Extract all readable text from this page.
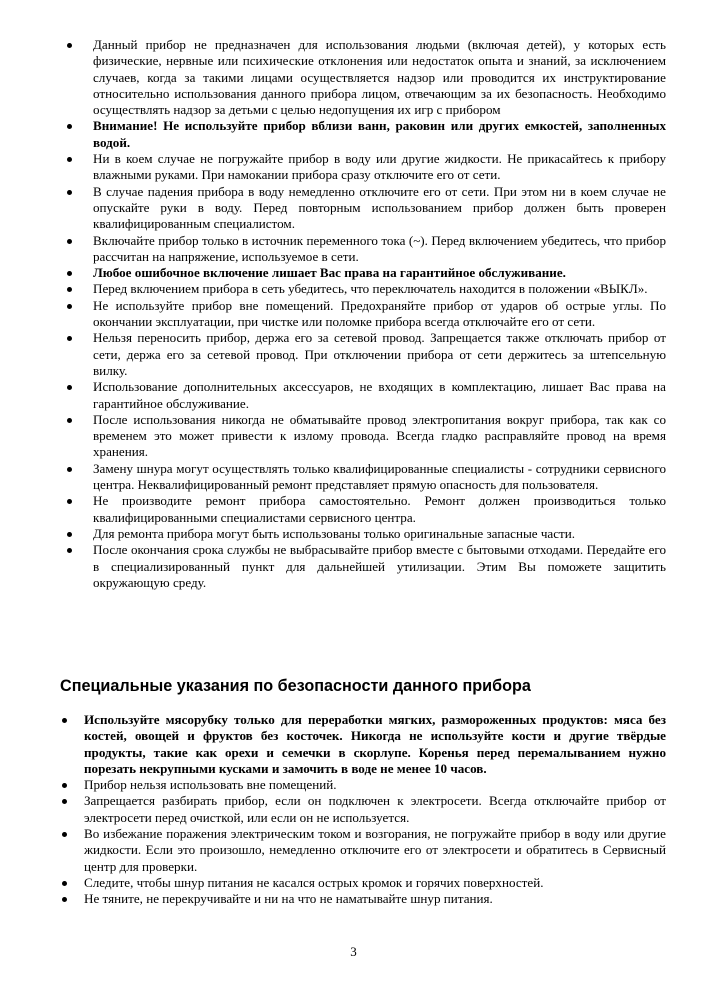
Данный прибор не предназначен для использования людьми (включая детей), у которых есть физические, нервные или психические отклонения или недостаток опыта и знаний, за исключением случаев, когда за такими лицами осуществляется надзор или проводится их инструктирование относительно использования данного прибора лицом, отвечающим за их безопасность. Необходимо осуществлять надзор за детьми с целью недопущения их игр с прибором
Внимание! Не используйте прибор вблизи ванн, раковин или других емкостей, заполненных водой.
Ни в коем случае не погружайте прибор в воду или другие жидкости. Не прикасайтесь к прибору влажными руками. При намокании прибора сразу отключите его от сети.
В случае падения прибора в воду немедленно отключите его от сети. При этом ни в коем случае не опускайте руки в воду. Перед повторным использованием прибор должен быть проверен квалифицированным специалистом.
Включайте прибор только в источник переменного тока (~). Перед включением убедитесь, что прибор рассчитан на напряжение, используемое в сети.
Любое ошибочное включение лишает Вас права на гарантийное обслуживание.
Перед включением прибора в сеть убедитесь, что переключатель находится в положении «ВЫКЛ».
Не используйте прибор вне помещений. Предохраняйте прибор от ударов об острые углы. По окончании эксплуатации, при чистке или поломке прибора всегда отключайте его от сети.
Нельзя переносить прибор, держа его за сетевой провод. Запрещается также отключать прибор от сети, держа его за сетевой провод. При отключении прибора от сети держитесь за штепсельную вилку.
Использование дополнительных аксессуаров, не входящих в комплектацию, лишает Вас права на гарантийное обслуживание.
После использования никогда не обматывайте провод электропитания вокруг прибора, так как со временем это может привести к излому провода. Всегда гладко расправляйте провод на время хранения.
Замену шнура могут осуществлять только квалифицированные специалисты - сотрудники сервисного центра. Неквалифицированный ремонт представляет прямую опасность для пользователя.
Не производите ремонт прибора самостоятельно. Ремонт должен производиться только квалифицированными специалистами сервисного центра.
Для ремонта прибора могут быть использованы только оригинальные запасные части.
После окончания срока службы не выбрасывайте прибор вместе с бытовыми отходами. Передайте его в специализированный пункт для дальнейшей утилизации. Этим Вы поможете защитить окружающую среду.
Специальные указания по безопасности данного прибора
Используйте мясорубку только для переработки мягких, размороженных продуктов: мяса без костей, овощей и фруктов без косточек. Никогда не используйте кости и другие твёрдые продукты, такие как орехи и семечки в скорлупе. Коренья перед перемалыванием нужно порезать некрупными кусками и замочить в воде не менее 10 часов.
Прибор нельзя использовать вне помещений.
Запрещается разбирать прибор, если он подключен к электросети. Всегда отключайте прибор от электросети перед очисткой, или если он не используется.
Во избежание поражения электрическим током и возгорания, не погружайте прибор в воду или другие жидкости. Если это произошло, немедленно отключите его от электросети и обратитесь в Сервисный центр для проверки.
Следите, чтобы шнур питания не касался острых кромок и горячих поверхностей.
Не тяните, не перекручивайте и ни на что не наматывайте шнур питания.
3
